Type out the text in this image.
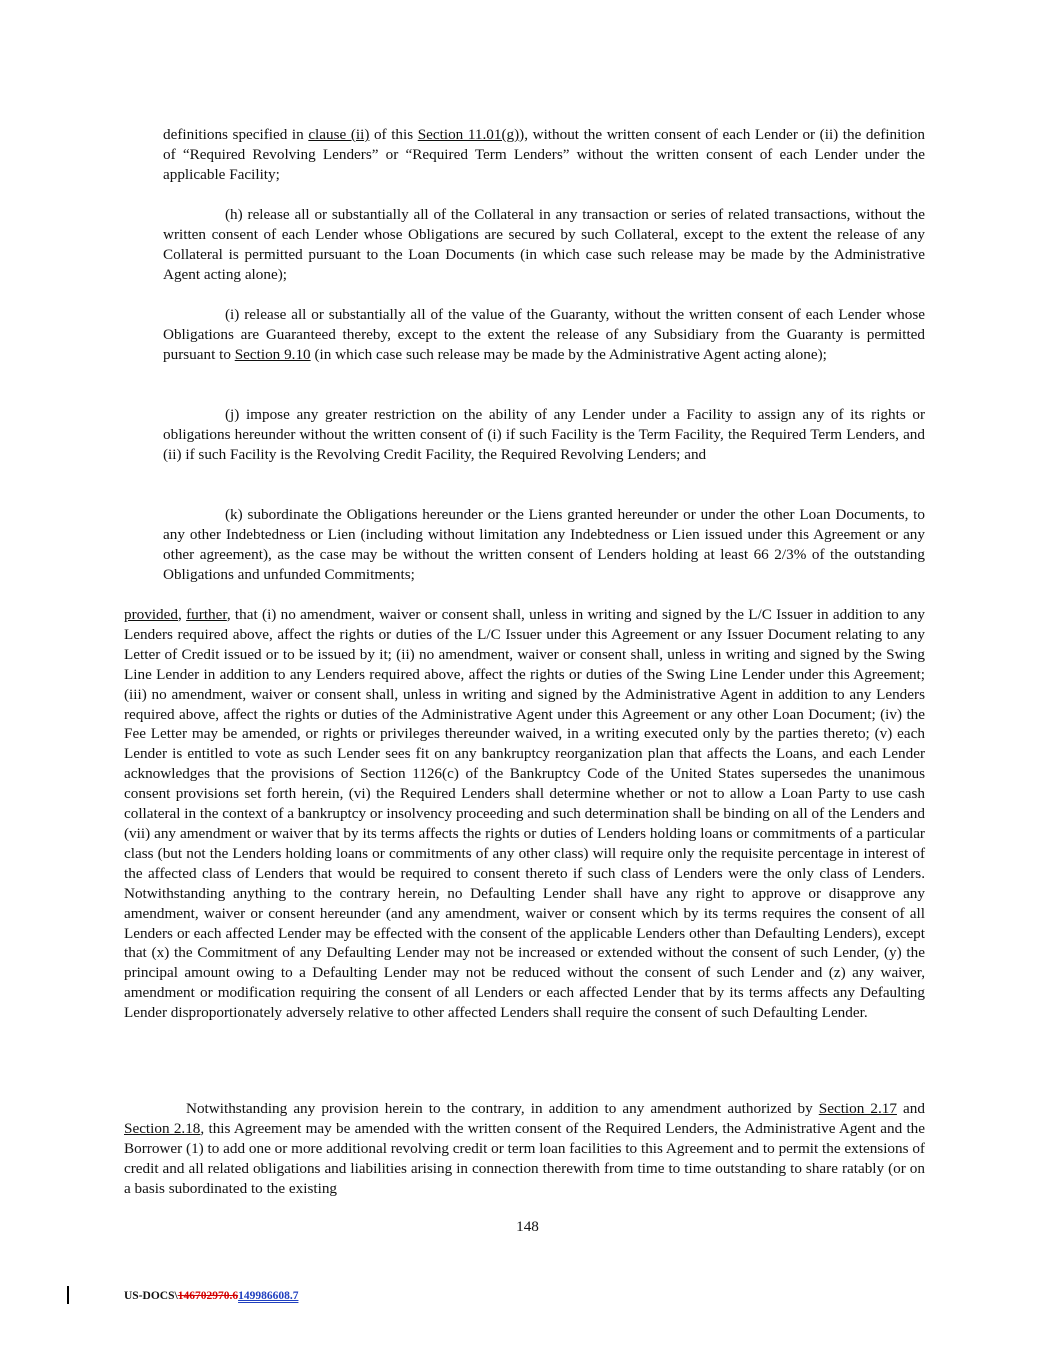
definitions specified in clause (ii) of this Section 11.01(g)), without the written consent of each Lender or (ii) the definition of “Required Revolving Lenders” or “Required Term Lenders” without the written consent of each Lender under the applicable Facility;

(h) release all or substantially all of the Collateral in any transaction or series of related transactions, without the written consent of each Lender whose Obligations are secured by such Collateral, except to the extent the release of any Collateral is permitted pursuant to the Loan Documents (in which case such release may be made by the Administrative Agent acting alone);

(i) release all or substantially all of the value of the Guaranty, without the written consent of each Lender whose Obligations are Guaranteed thereby, except to the extent the release of any Subsidiary from the Guaranty is permitted pursuant to Section 9.10 (in which case such release may be made by the Administrative Agent acting alone);

(j) impose any greater restriction on the ability of any Lender under a Facility to assign any of its rights or obligations hereunder without the written consent of (i) if such Facility is the Term Facility, the Required Term Lenders, and (ii) if such Facility is the Revolving Credit Facility, the Required Revolving Lenders; and

(k) subordinate the Obligations hereunder or the Liens granted hereunder or under the other Loan Documents, to any other Indebtedness or Lien (including without limitation any Indebtedness or Lien issued under this Agreement or any other agreement), as the case may be without the written consent of Lenders holding at least 66 2/3% of the outstanding Obligations and unfunded Commitments;

provided, further, that (i) no amendment, waiver or consent shall, unless in writing and signed by the L/C Issuer in addition to any Lenders required above, affect the rights or duties of the L/C Issuer under this Agreement or any Issuer Document relating to any Letter of Credit issued or to be issued by it; (ii) no amendment, waiver or consent shall, unless in writing and signed by the Swing Line Lender in addition to any Lenders required above, affect the rights or duties of the Swing Line Lender under this Agreement; (iii) no amendment, waiver or consent shall, unless in writing and signed by the Administrative Agent in addition to any Lenders required above, affect the rights or duties of the Administrative Agent under this Agreement or any other Loan Document; (iv) the Fee Letter may be amended, or rights or privileges thereunder waived, in a writing executed only by the parties thereto; (v) each Lender is entitled to vote as such Lender sees fit on any bankruptcy reorganization plan that affects the Loans, and each Lender acknowledges that the provisions of Section 1126(c) of the Bankruptcy Code of the United States supersedes the unanimous consent provisions set forth herein, (vi) the Required Lenders shall determine whether or not to allow a Loan Party to use cash collateral in the context of a bankruptcy or insolvency proceeding and such determination shall be binding on all of the Lenders and (vii) any amendment or waiver that by its terms affects the rights or duties of Lenders holding loans or commitments of a particular class (but not the Lenders holding loans or commitments of any other class) will require only the requisite percentage in interest of the affected class of Lenders that would be required to consent thereto if such class of Lenders were the only class of Lenders. Notwithstanding anything to the contrary herein, no Defaulting Lender shall have any right to approve or disapprove any amendment, waiver or consent hereunder (and any amendment, waiver or consent which by its terms requires the consent of all Lenders or each affected Lender may be effected with the consent of the applicable Lenders other than Defaulting Lenders), except that (x) the Commitment of any Defaulting Lender may not be increased or extended without the consent of such Lender, (y) the principal amount owing to a Defaulting Lender may not be reduced without the consent of such Lender and (z) any waiver, amendment or modification requiring the consent of all Lenders or each affected Lender that by its terms affects any Defaulting Lender disproportionately adversely relative to other affected Lenders shall require the consent of such Defaulting Lender.

Notwithstanding any provision herein to the contrary, in addition to any amendment authorized by Section 2.17 and Section 2.18, this Agreement may be amended with the written consent of the Required Lenders, the Administrative Agent and the Borrower (1) to add one or more additional revolving credit or term loan facilities to this Agreement and to permit the extensions of credit and all related obligations and liabilities arising in connection therewith from time to time outstanding to share ratably (or on a basis subordinated to the existing

148
US-DOCS\146702970.6149986608.7
